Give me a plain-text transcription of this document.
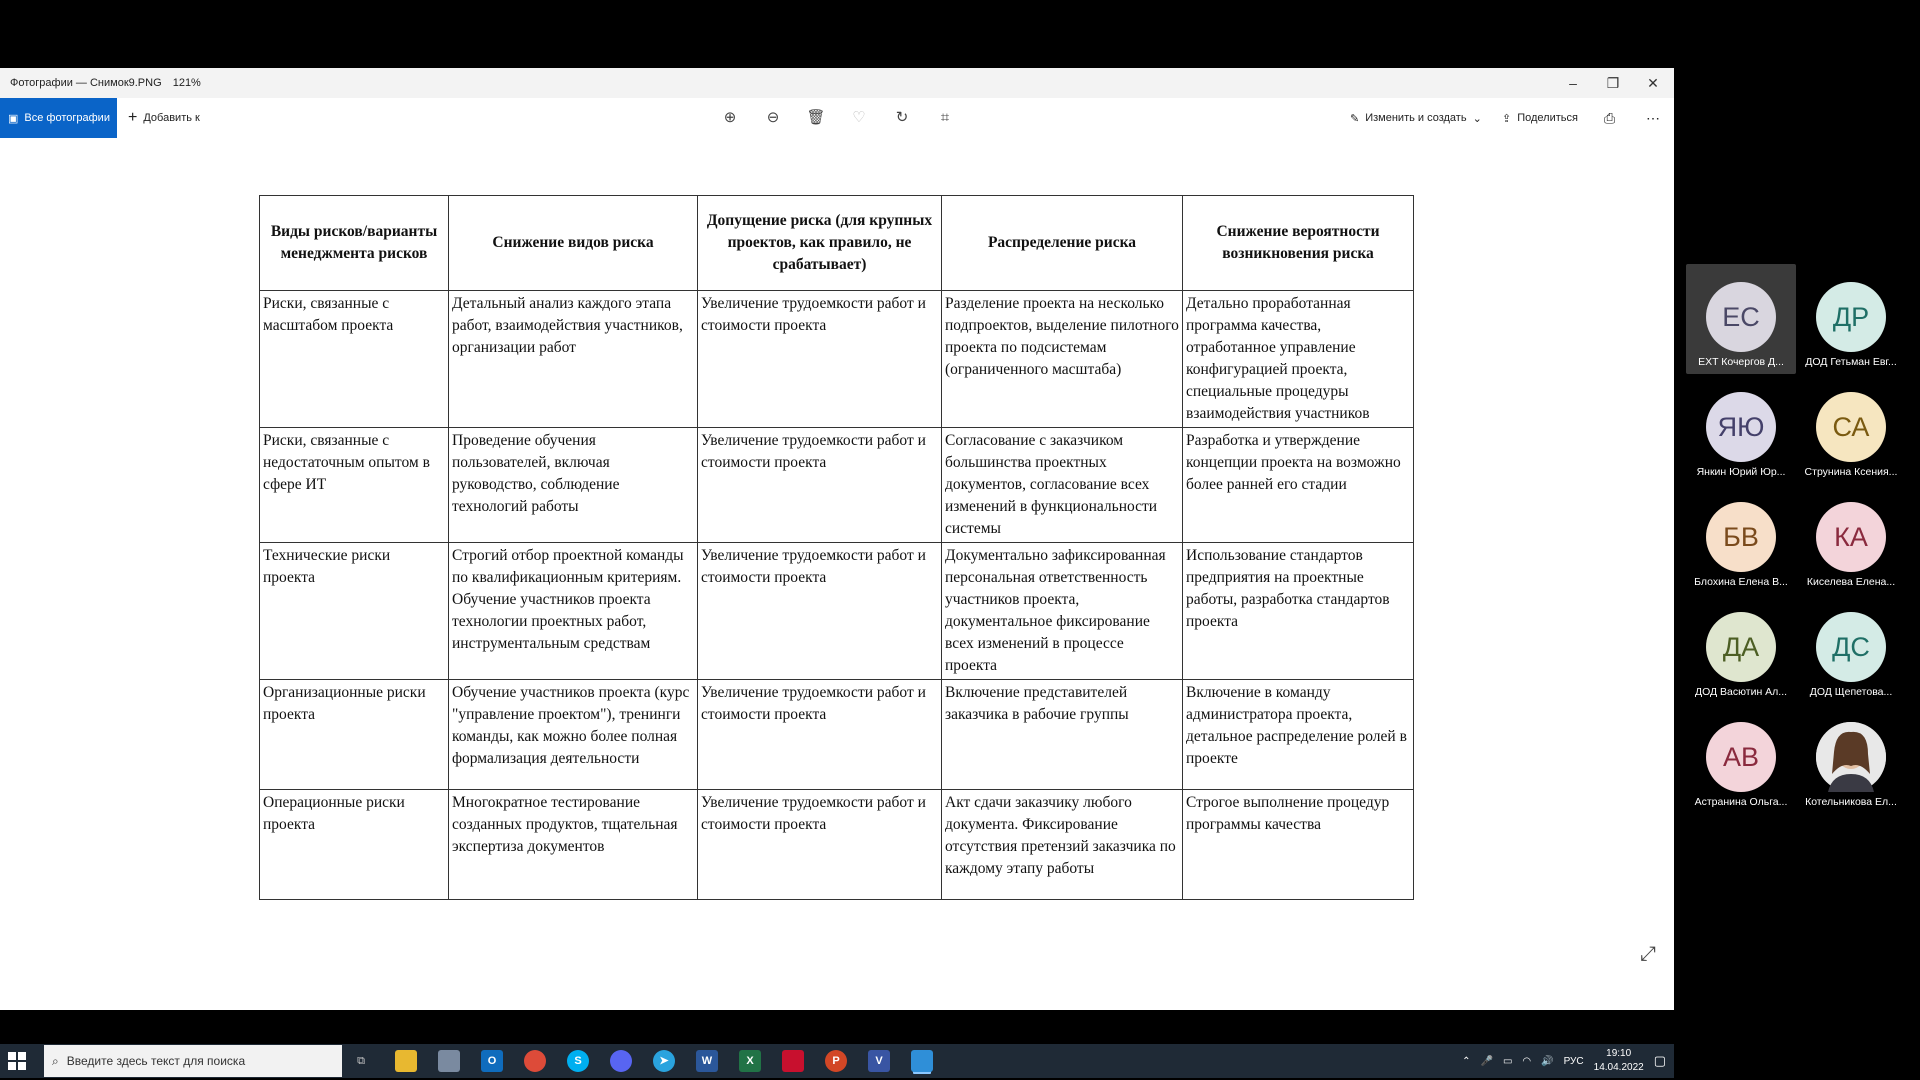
Фотографии — Снимок9.PNG 121%	–	❐	✕
▣ Все фотографии + Добавить к	⊕	⊖	🗑 ♡	↻	⌗	✎ Изменить и создать ⌄ ⇪ Поделиться ⎙ ⋯
Виды рисков/варианты менеджмента рисков	Снижение видов риска	Допущение риска (для крупных проектов, как правило, не срабатывает)	Распределение риска	Снижение вероятности возникновения риска
Риски, связанные с масштабом проекта	Детальный анализ каждого этапа работ, взаимодействия участников, организации работ	Увеличение трудоемкости работ и стоимости проекта	Разделение проекта на несколько подпроектов, выделение пилотного проекта по подсистемам (ограниченного масштаба)	Детально проработанная программа качества, отработанное управление конфигурацией проекта, специальные процедуры взаимодействия участников
Риски, связанные с недостаточным опытом в сфере ИТ	Проведение обучения пользователей, включая руководство, соблюдение технологий работы	Увеличение трудоемкости работ и стоимости проекта	Согласование с заказчиком большинства проектных документов, согласование всех изменений в функциональности системы	Разработка и утверждение концепции проекта на возможно более ранней его стадии
Технические риски проекта	Строгий отбор проектной команды по квалификационным критериям. Обучение участников проекта технологии проектных работ, инструментальным средствам	Увеличение трудоемкости работ и стоимости проекта	Документально зафиксированная персональная ответственность участников проекта, документальное фиксирование всех изменений в процессе проекта	Использование стандартов предприятия на проектные работы, разработка стандартов проекта
Организационные риски проекта	Обучение участников проекта (курс "управление проектом"), тренинги команды, как можно более полная формализация деятельности	Увеличение трудоемкости работ и стоимости проекта	Включение представителей заказчика в рабочие группы	Включение в команду администратора проекта, детальное распределение ролей в проекте
Операционные риски проекта	Многократное тестирование созданных продуктов, тщательная экспертиза документов	Увеличение трудоемкости работ и стоимости проекта	Акт сдачи заказчику любого документа. Фиксирование отсутствия претензий заказчика по каждому этапу работы	Строгое выполнение процедур программы качества
⤢
⌕ Введите здесь текст для поиска	⧉	O	S	➤	W	X	P	V	⌃ 🎤 ▭ ◠ 🔊 РУС
19:10
14.04.2022 ▢
ЕС
EXT Кочергов Д...
ДР
ДОД Гетьман Евг...
ЯЮ
Янкин Юрий Юр...
СА
Струнина Ксения...
БВ
Блохина Елена В...
КА
Киселева Елена...
ДА
ДОД Васютин Ал...
ДС
ДОД Щепетова...
АВ
Астранина Ольга...	Котельникова Ел...
